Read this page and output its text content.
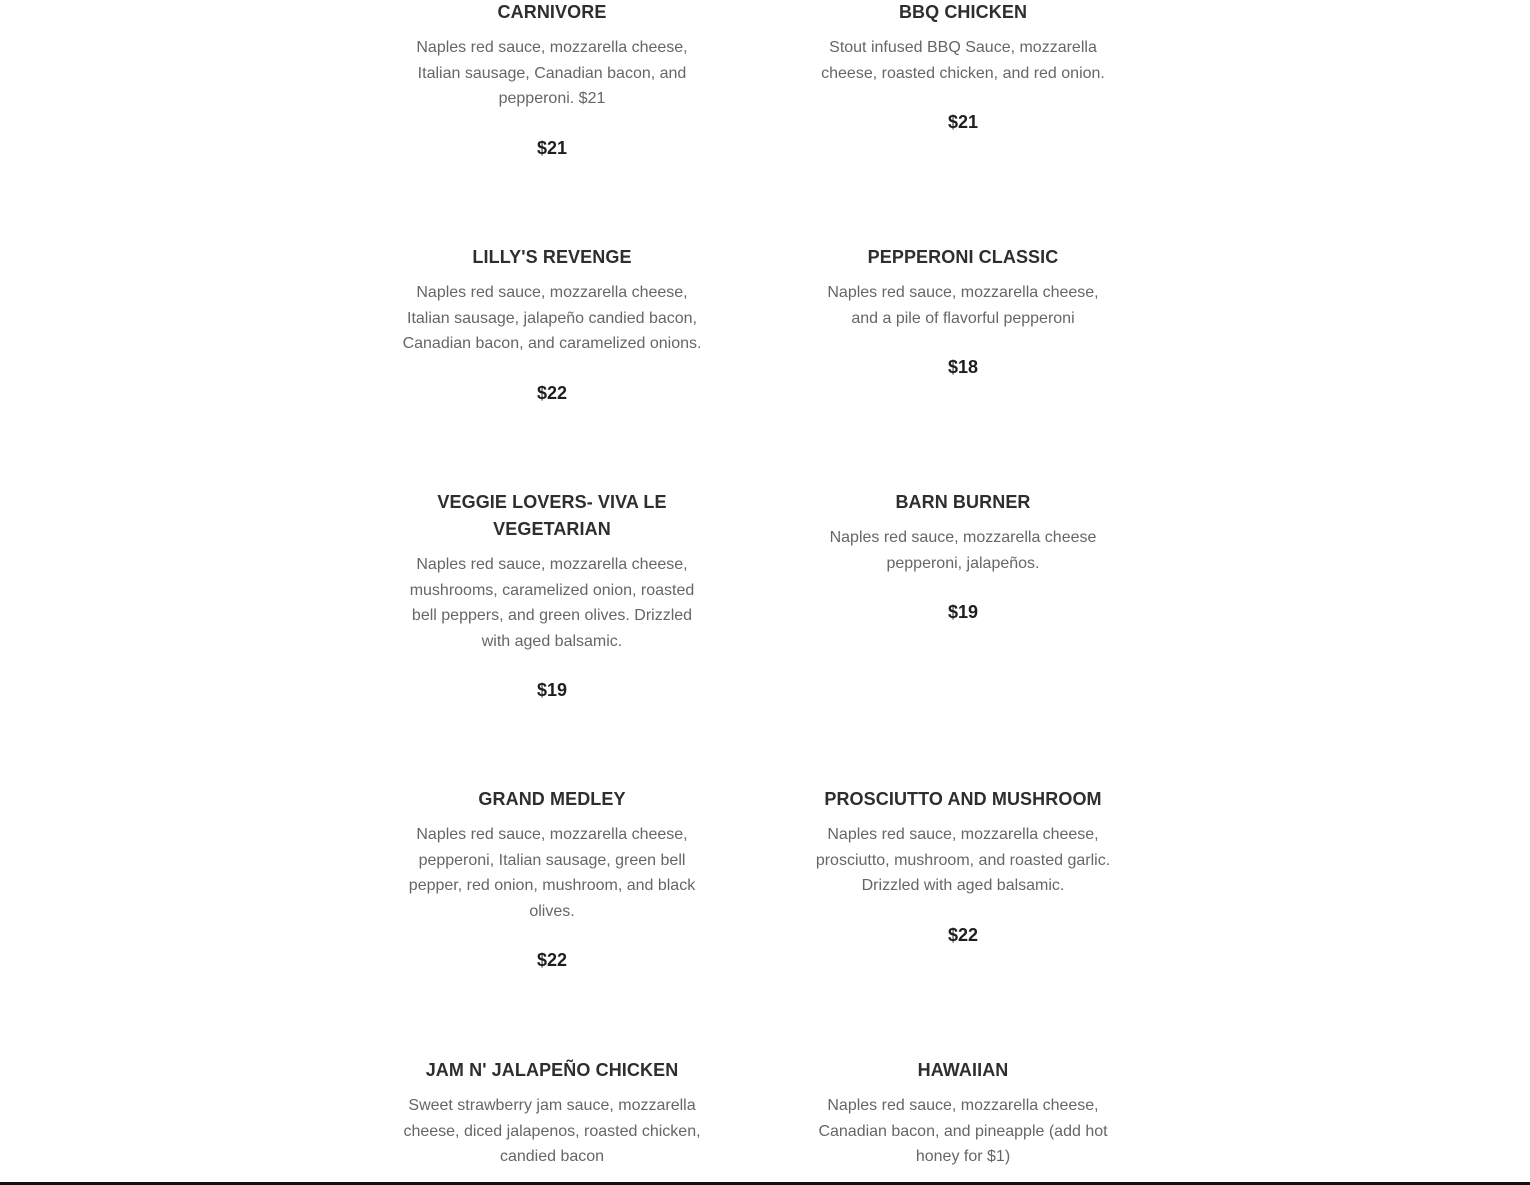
CARNIVORE

Naples red sauce, mozzarella cheese, Italian sausage, Canadian bacon, and pepperoni. $21

$21

BBQ CHICKEN

Stout infused BBQ Sauce, mozzarella cheese, roasted chicken, and red onion.

$21

LILLY'S REVENGE

Naples red sauce, mozzarella cheese, Italian sausage, jalapeño candied bacon, Canadian bacon, and caramelized onions.

$22

PEPPERONI CLASSIC

Naples red sauce, mozzarella cheese, and a pile of flavorful pepperoni

$18

VEGGIE LOVERS- VIVA LE VEGETARIAN

Naples red sauce, mozzarella cheese, mushrooms, caramelized onion, roasted bell peppers, and green olives. Drizzled with aged balsamic.

$19

BARN BURNER

Naples red sauce, mozzarella cheese pepperoni, jalapeños.

$19

GRAND MEDLEY

Naples red sauce, mozzarella cheese, pepperoni, Italian sausage, green bell pepper, red onion, mushroom, and black olives.

$22

PROSCIUTTO AND MUSHROOM

Naples red sauce, mozzarella cheese, prosciutto, mushroom, and roasted garlic. Drizzled with aged balsamic.

$22

JAM N' JALAPEÑO CHICKEN

Sweet strawberry jam sauce, mozzarella cheese, diced jalapenos, roasted chicken, candied bacon

HAWAIIAN

Naples red sauce, mozzarella cheese, Canadian bacon, and pineapple (add hot honey for $1)
